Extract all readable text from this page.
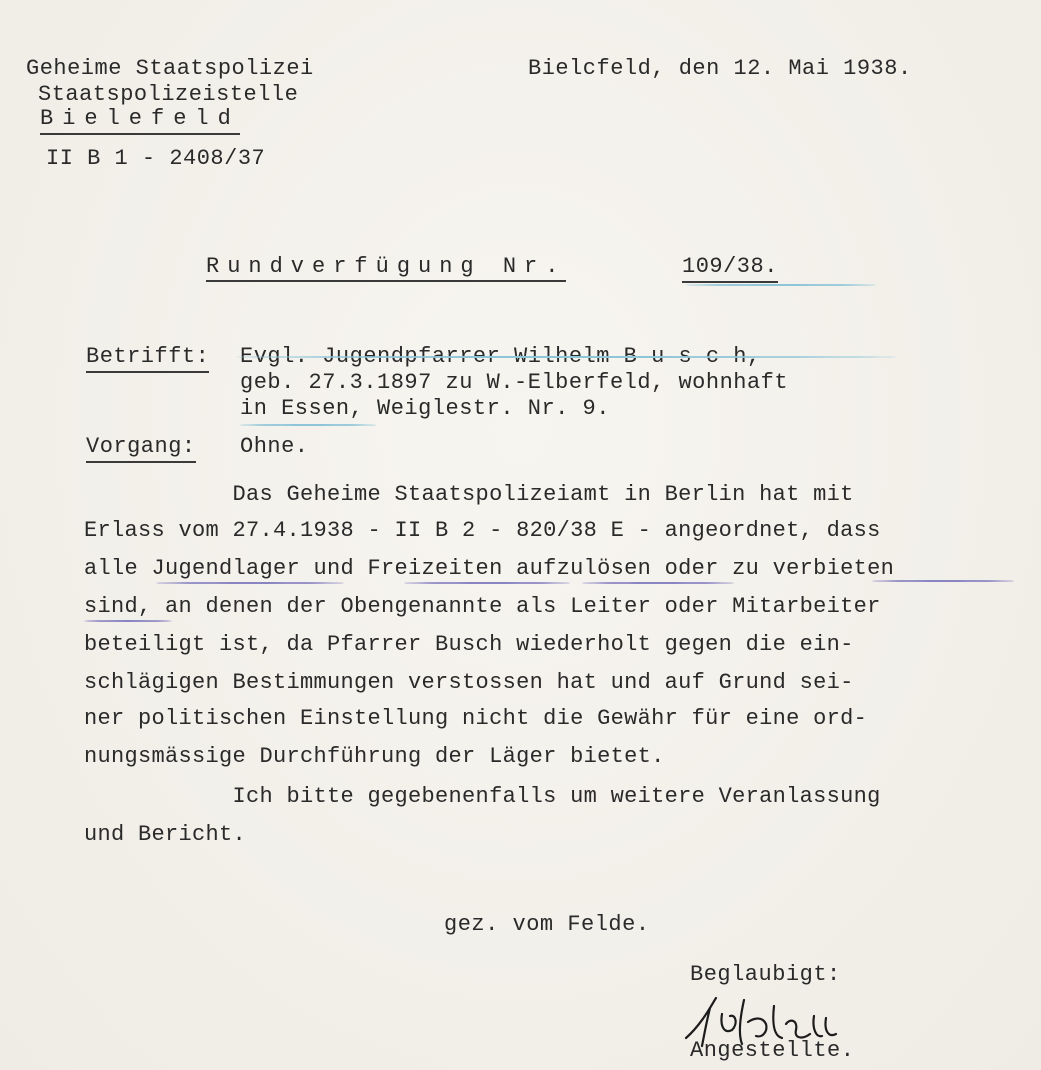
Geheime Staatspolizei
Staatspolizeistelle
Bielefeld
II B 1 - 2408/37
Bielcfeld, den 12. Mai 1938.
Rundverfügung Nr.	109/38.
Betrifft: Evgl. Jugendpfarrer Wilhelm B u s c h,
geb. 27.3.1897 zu W.-Elberfeld, wohnhaft
in Essen, Weiglestr. Nr. 9.
Vorgang: Ohne.
Das Geheime Staatspolizeiamt in Berlin hat mit
Erlass vom 27.4.1938 - II B 2 - 820/38 E - angeordnet, dass
alle Jugendlager und Freizeiten aufzulösen oder zu verbieten
sind, an denen der Obengenannte als Leiter oder Mitarbeiter
beteiligt ist, da Pfarrer Busch wiederholt gegen die ein-
schlägigen Bestimmungen verstossen hat und auf Grund sei-
ner politischen Einstellung nicht die Gewähr für eine ord-
nungsmässige Durchführung der Läger bietet.
Ich bitte gegebenenfalls um weitere Veranlassung
und Bericht.
gez. vom Felde.
Beglaubigt:
Angestellte.
